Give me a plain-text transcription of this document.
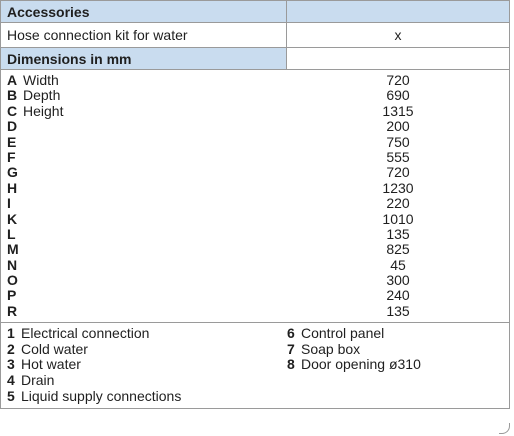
Accessories
Hose connection kit for water	x
Dimensions in mm
A Width
B Depth
C Height
D
E
F
G
H
I
K
L
M
N
O
P
R
720
690
1315
200
750
555
720
1230
220
1010
135
825
45
300
240
135
1 Electrical connection
2 Cold water
3 Hot water
4 Drain
5 Liquid supply connections
6 Control panel
7 Soap box
8 Door opening ø310
